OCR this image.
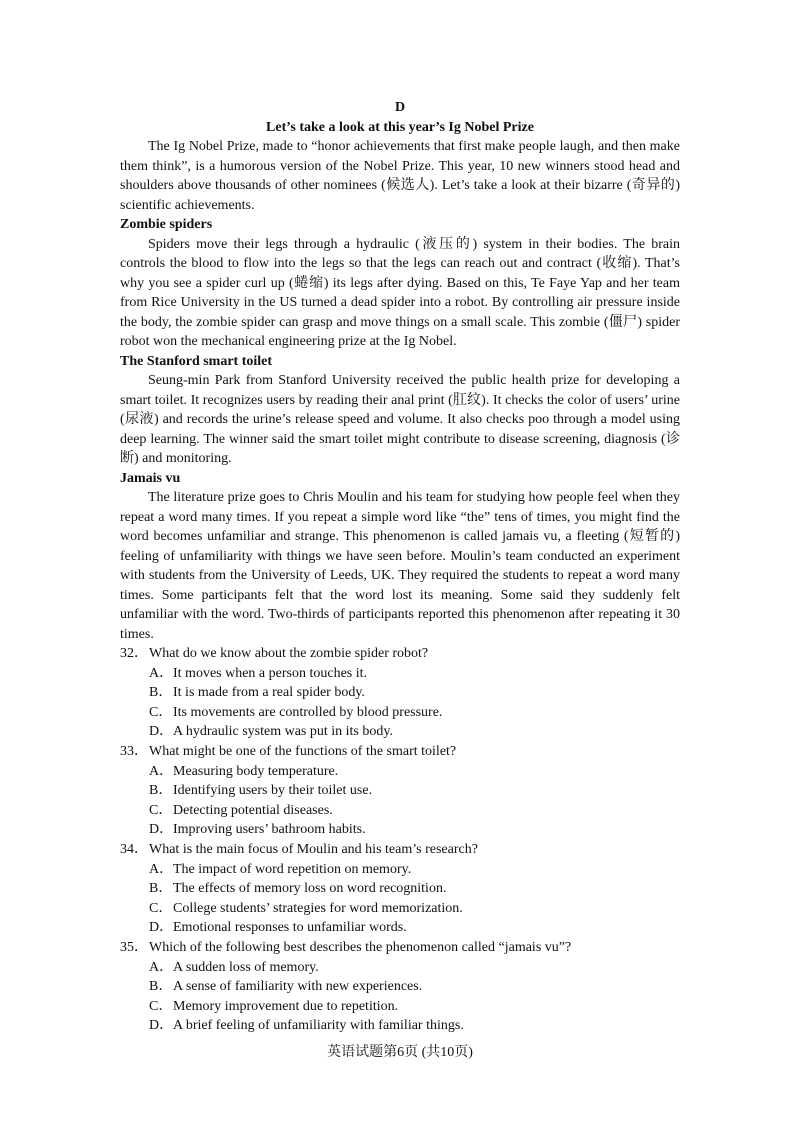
D
Let’s take a look at this year’s Ig Nobel Prize

The Ig Nobel Prize, made to “honor achievements that first make people laugh, and then make them think”, is a humorous version of the Nobel Prize. This year, 10 new winners stood head and shoulders above thousands of other nominees (候选人). Let’s take a look at their bizarre (奇异的) scientific achievements.

Zombie spiders

Spiders move their legs through a hydraulic (液压的) system in their bodies. The brain controls the blood to flow into the legs so that the legs can reach out and contract (收缩). That’s why you see a spider curl up (蜷缩) its legs after dying. Based on this, Te Faye Yap and her team from Rice University in the US turned a dead spider into a robot. By controlling air pressure inside the body, the zombie spider can grasp and move things on a small scale. This zombie (僵尸) spider robot won the mechanical engineering prize at the Ig Nobel.

The Stanford smart toilet

Seung-min Park from Stanford University received the public health prize for developing a smart toilet. It recognizes users by reading their anal print (肛纹). It checks the color of users’ urine (尿液) and records the urine’s release speed and volume. It also checks poo through a model using deep learning. The winner said the smart toilet might contribute to disease screening, diagnosis (诊断) and monitoring.

Jamais vu

The literature prize goes to Chris Moulin and his team for studying how people feel when they repeat a word many times. If you repeat a simple word like “the” tens of times, you might find the word becomes unfamiliar and strange. This phenomenon is called jamais vu, a fleeting (短暂的) feeling of unfamiliarity with things we have seen before. Moulin’s team conducted an experiment with students from the University of Leeds, UK. They required the students to repeat a word many times. Some participants felt that the word lost its meaning. Some said they suddenly felt unfamiliar with the word. Two-thirds of participants reported this phenomenon after repeating it 30 times.

32． What do we know about the zombie spider robot?
A． It moves when a person touches it.
B． It is made from a real spider body.
C． Its movements are controlled by blood pressure.
D． A hydraulic system was put in its body.
33． What might be one of the functions of the smart toilet?
A． Measuring body temperature.
B． Identifying users by their toilet use.
C． Detecting potential diseases.
D． Improving users’ bathroom habits.
34． What is the main focus of Moulin and his team’s research?
A． The impact of word repetition on memory.
B． The effects of memory loss on word recognition.
C． College students’ strategies for word memorization.
D． Emotional responses to unfamiliar words.
35． Which of the following best describes the phenomenon called “jamais vu”?
A． A sudden loss of memory.
B． A sense of familiarity with new experiences.
C． Memory improvement due to repetition.
D． A brief feeling of unfamiliarity with familiar things.
英语试题第6页 (共10页)
